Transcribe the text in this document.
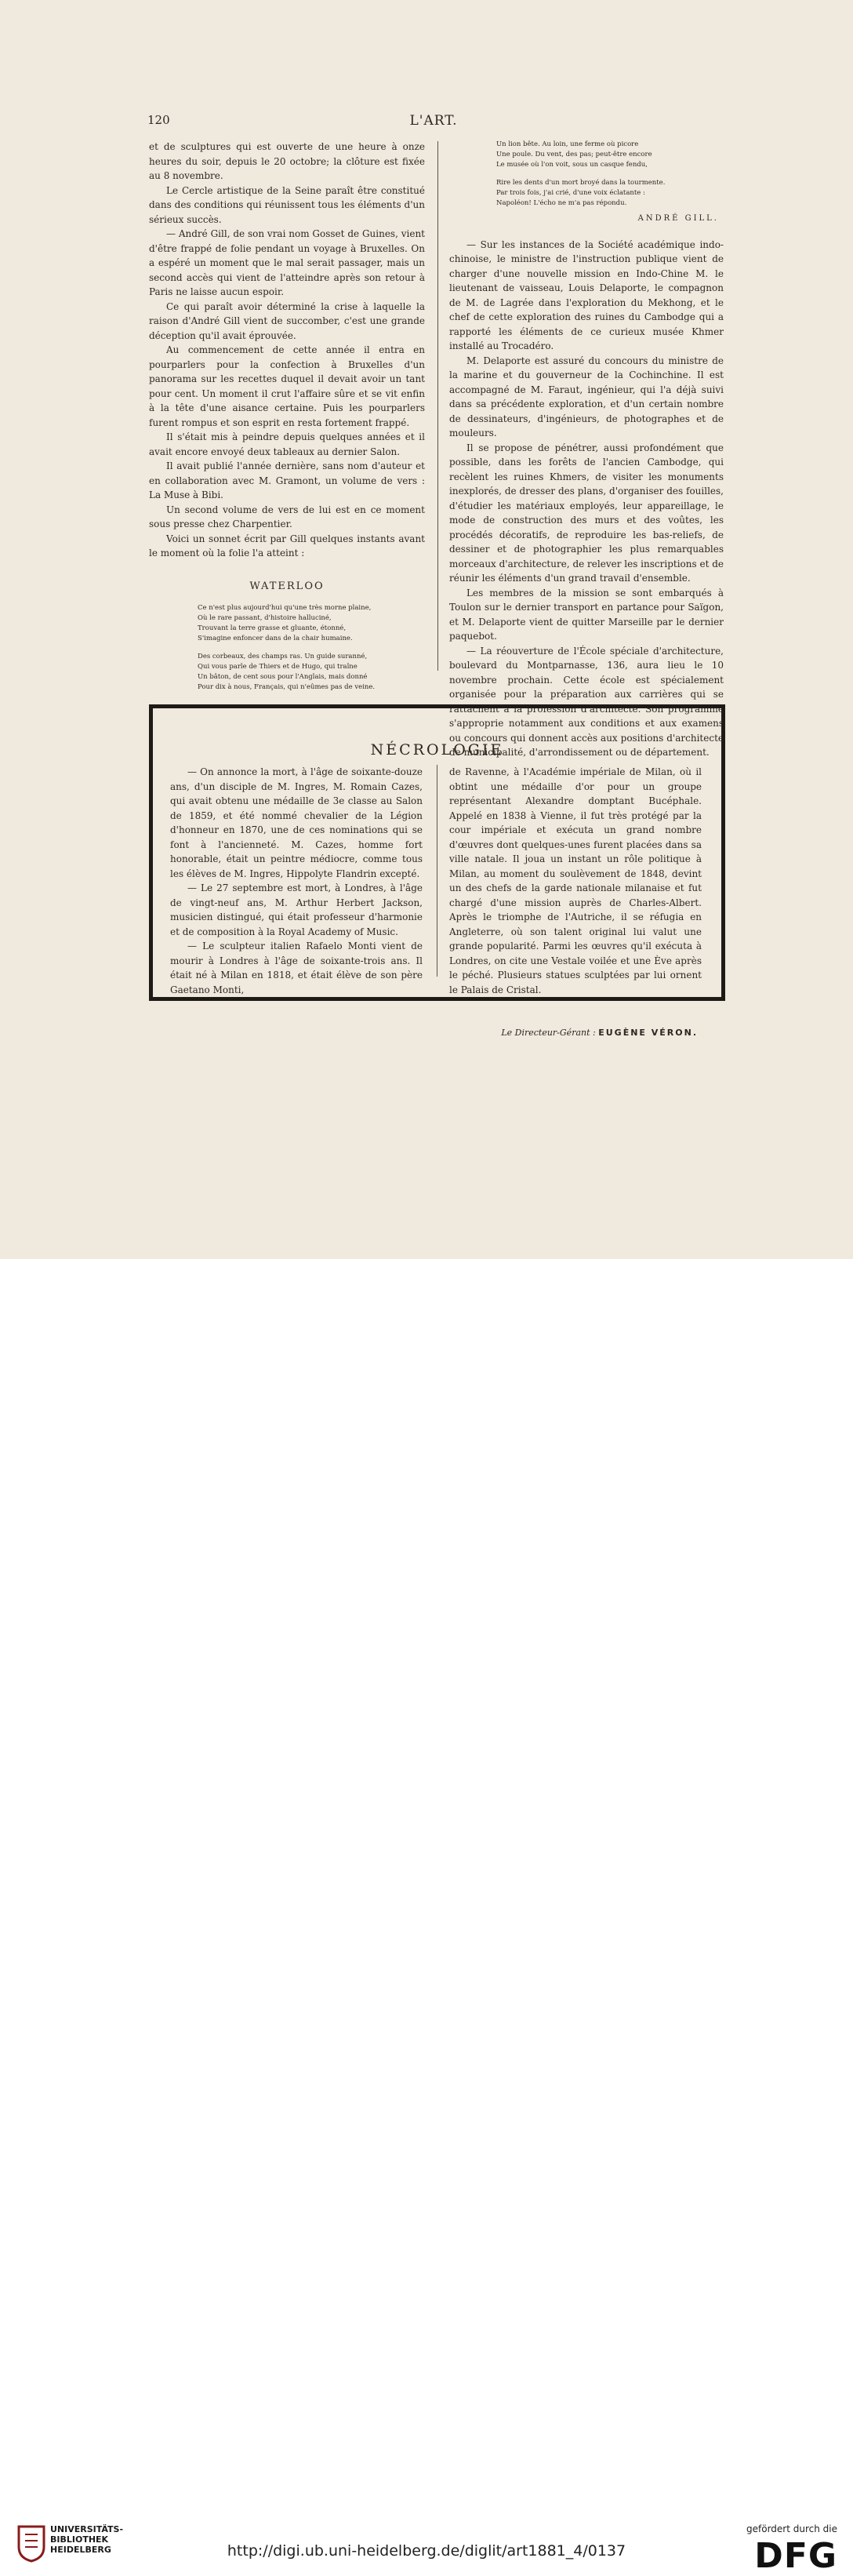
120	L'ART.

et de sculptures qui est ouverte de une heure à onze heures du soir, depuis le 20 octobre; la clôture est fixée au 8 novembre.

Le Cercle artistique de la Seine paraît être constitué dans des conditions qui réunissent tous les éléments d'un sérieux succès.

— André Gill, de son vrai nom Gosset de Guines, vient d'être frappé de folie pendant un voyage à Bruxelles. On a espéré un moment que le mal serait passager, mais un second accès qui vient de l'atteindre après son retour à Paris ne laisse aucun espoir.

Ce qui paraît avoir déterminé la crise à laquelle la raison d'André Gill vient de succomber, c'est une grande déception qu'il avait éprouvée.

Au commencement de cette année il entra en pourparlers pour la confection à Bruxelles d'un panorama sur les recettes duquel il devait avoir un tant pour cent. Un moment il crut l'affaire sûre et se vit enfin à la tête d'une aisance certaine. Puis les pourparlers furent rompus et son esprit en resta fortement frappé.

Il s'était mis à peindre depuis quelques années et il avait encore envoyé deux tableaux au dernier Salon.

Il avait publié l'année dernière, sans nom d'auteur et en collaboration avec M. Gramont, un volume de vers : La Muse à Bibi.

Un second volume de vers de lui est en ce moment sous presse chez Charpentier.

Voici un sonnet écrit par Gill quelques instants avant le moment où la folie l'a atteint :

WATERLOO
Ce n'est plus aujourd'hui qu'une très morne plaine,
Où le rare passant, d'histoire halluciné,
Trouvant la terre grasse et gluante, étonné,
S'imagine enfoncer dans de la chair humaine.
Des corbeaux, des champs ras. Un guide suranné,
Qui vous parle de Thiers et de Hugo, qui traîne
Un bâton, de cent sous pour l'Anglais, mais donné
Pour dix à nous, Français, qui n'eûmes pas de veine.
Un lion bête. Au loin, une ferme où picore
Une poule. Du vent, des pas; peut-être encore
Le musée où l'on voit, sous un casque fendu,
Rire les dents d'un mort broyé dans la tourmente.
Par trois fois, j'ai crié, d'une voix éclatante :
Napoléon! L'écho ne m'a pas répondu.
ANDRÉ GILL.

— Sur les instances de la Société académique indo-chinoise, le ministre de l'instruction publique vient de charger d'une nouvelle mission en Indo-Chine M. le lieutenant de vaisseau, Louis Delaporte, le compagnon de M. de Lagrée dans l'exploration du Mekhong, et le chef de cette exploration des ruines du Cambodge qui a rapporté les éléments de ce curieux musée Khmer installé au Trocadéro.

M. Delaporte est assuré du concours du ministre de la marine et du gouverneur de la Cochinchine. Il est accompagné de M. Faraut, ingénieur, qui l'a déjà suivi dans sa précédente exploration, et d'un certain nombre de dessinateurs, d'ingénieurs, de photographes et de mouleurs.

Il se propose de pénétrer, aussi profondément que possible, dans les forêts de l'ancien Cambodge, qui recèlent les ruines Khmers, de visiter les monuments inexplorés, de dresser des plans, d'organiser des fouilles, d'étudier les matériaux employés, leur appareillage, le mode de construction des murs et des voûtes, les procédés décoratifs, de reproduire les bas-reliefs, de dessiner et de photographier les plus remarquables morceaux d'architecture, de relever les inscriptions et de réunir les éléments d'un grand travail d'ensemble.

Les membres de la mission se sont embarqués à Toulon sur le dernier transport en partance pour Saïgon, et M. Delaporte vient de quitter Marseille par le dernier paquebot.

— La réouverture de l'École spéciale d'architecture, boulevard du Montparnasse, 136, aura lieu le 10 novembre prochain. Cette école est spécialement organisée pour la préparation aux carrières qui se rattachent à la profession d'architecte. Son programme s'approprie notamment aux conditions et aux examens ou concours qui donnent accès aux positions d'architecte de municipalité, d'arrondissement ou de département.

NÉCROLOGIE

— On annonce la mort, à l'âge de soixante-douze ans, d'un disciple de M. Ingres, M. Romain Cazes, qui avait obtenu une médaille de 3e classe au Salon de 1859, et été nommé chevalier de la Légion d'honneur en 1870, une de ces nominations qui se font à l'ancienneté. M. Cazes, homme fort honorable, était un peintre médiocre, comme tous les élèves de M. Ingres, Hippolyte Flandrin excepté.

— Le 27 septembre est mort, à Londres, à l'âge de vingt-neuf ans, M. Arthur Herbert Jackson, musicien distingué, qui était professeur d'harmonie et de composition à la Royal Academy of Music.

— Le sculpteur italien Rafaelo Monti vient de mourir à Londres à l'âge de soixante-trois ans. Il était né à Milan en 1818, et était élève de son père Gaetano Monti,

de Ravenne, à l'Académie impériale de Milan, où il obtint une médaille d'or pour un groupe représentant Alexandre domptant Bucéphale. Appelé en 1838 à Vienne, il fut très protégé par la cour impériale et exécuta un grand nombre d'œuvres dont quelques-unes furent placées dans sa ville natale. Il joua un instant un rôle politique à Milan, au moment du soulèvement de 1848, devint un des chefs de la garde nationale milanaise et fut chargé d'une mission auprès de Charles-Albert. Après le triomphe de l'Autriche, il se réfugia en Angleterre, où son talent original lui valut une grande popularité. Parmi les œuvres qu'il exécuta à Londres, on cite une Vestale voilée et une Ève après le péché. Plusieurs statues sculptées par lui ornent le Palais de Cristal.

Le Directeur-Gérant : EUGÈNE VÉRON.
UNIVERSITÄTS-
BIBLIOTHEK
HEIDELBERG	http://digi.ub.uni-heidelberg.de/diglit/art1881_4/0137
gefördert durch die
DFG
